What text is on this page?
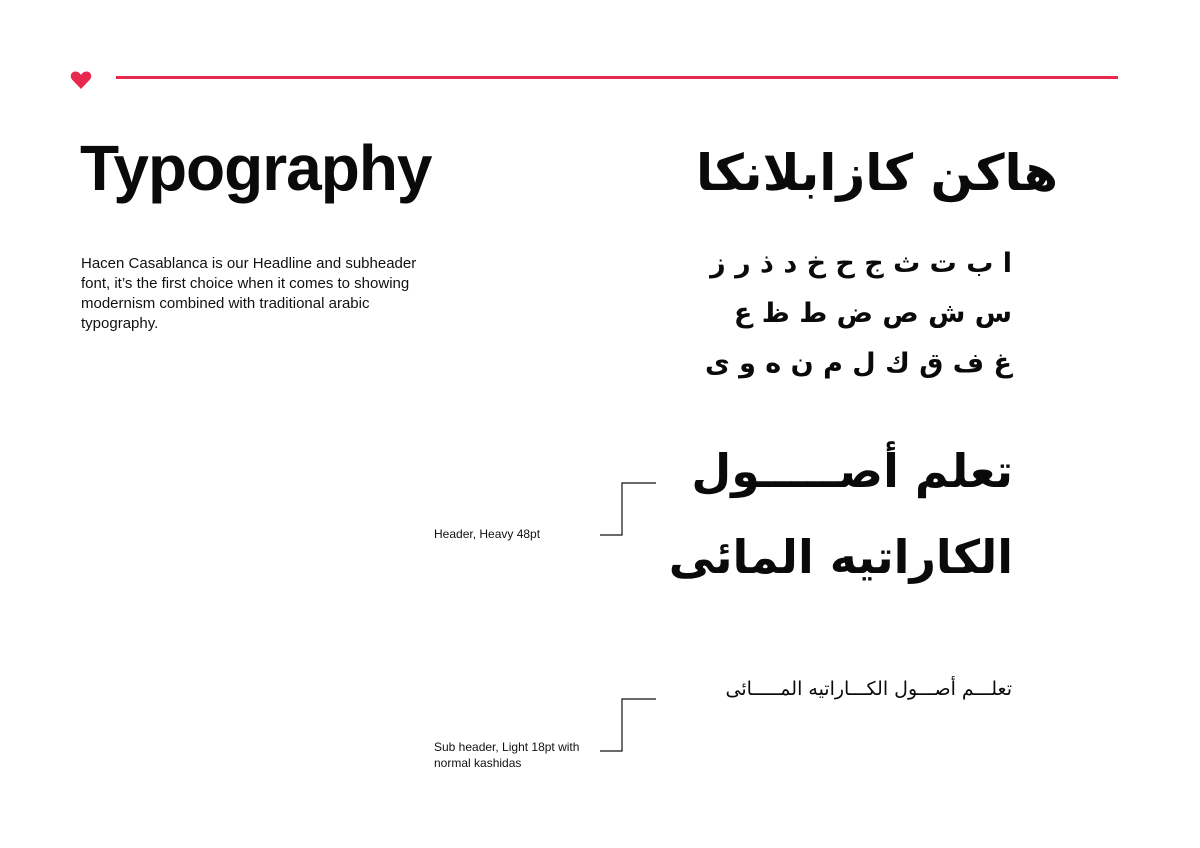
Typography
Hacen Casablanca is our Headline and subheader font, it’s the first choice when it comes to showing modernism combined with traditional arabic typography.
هاكن كازابلانكا
ا ب ت ث ج ح خ د ذ ر ز
س ش ص ض ط ظ ع
غ ف ق ك ل م ن ه و ى
تعلم أصـــــول
الكاراتيه المائى
تعلـــم أصـــول الكـــاراتيه المـــــائى
Header, Heavy 48pt
Sub header, Light 18pt with normal kashidas
